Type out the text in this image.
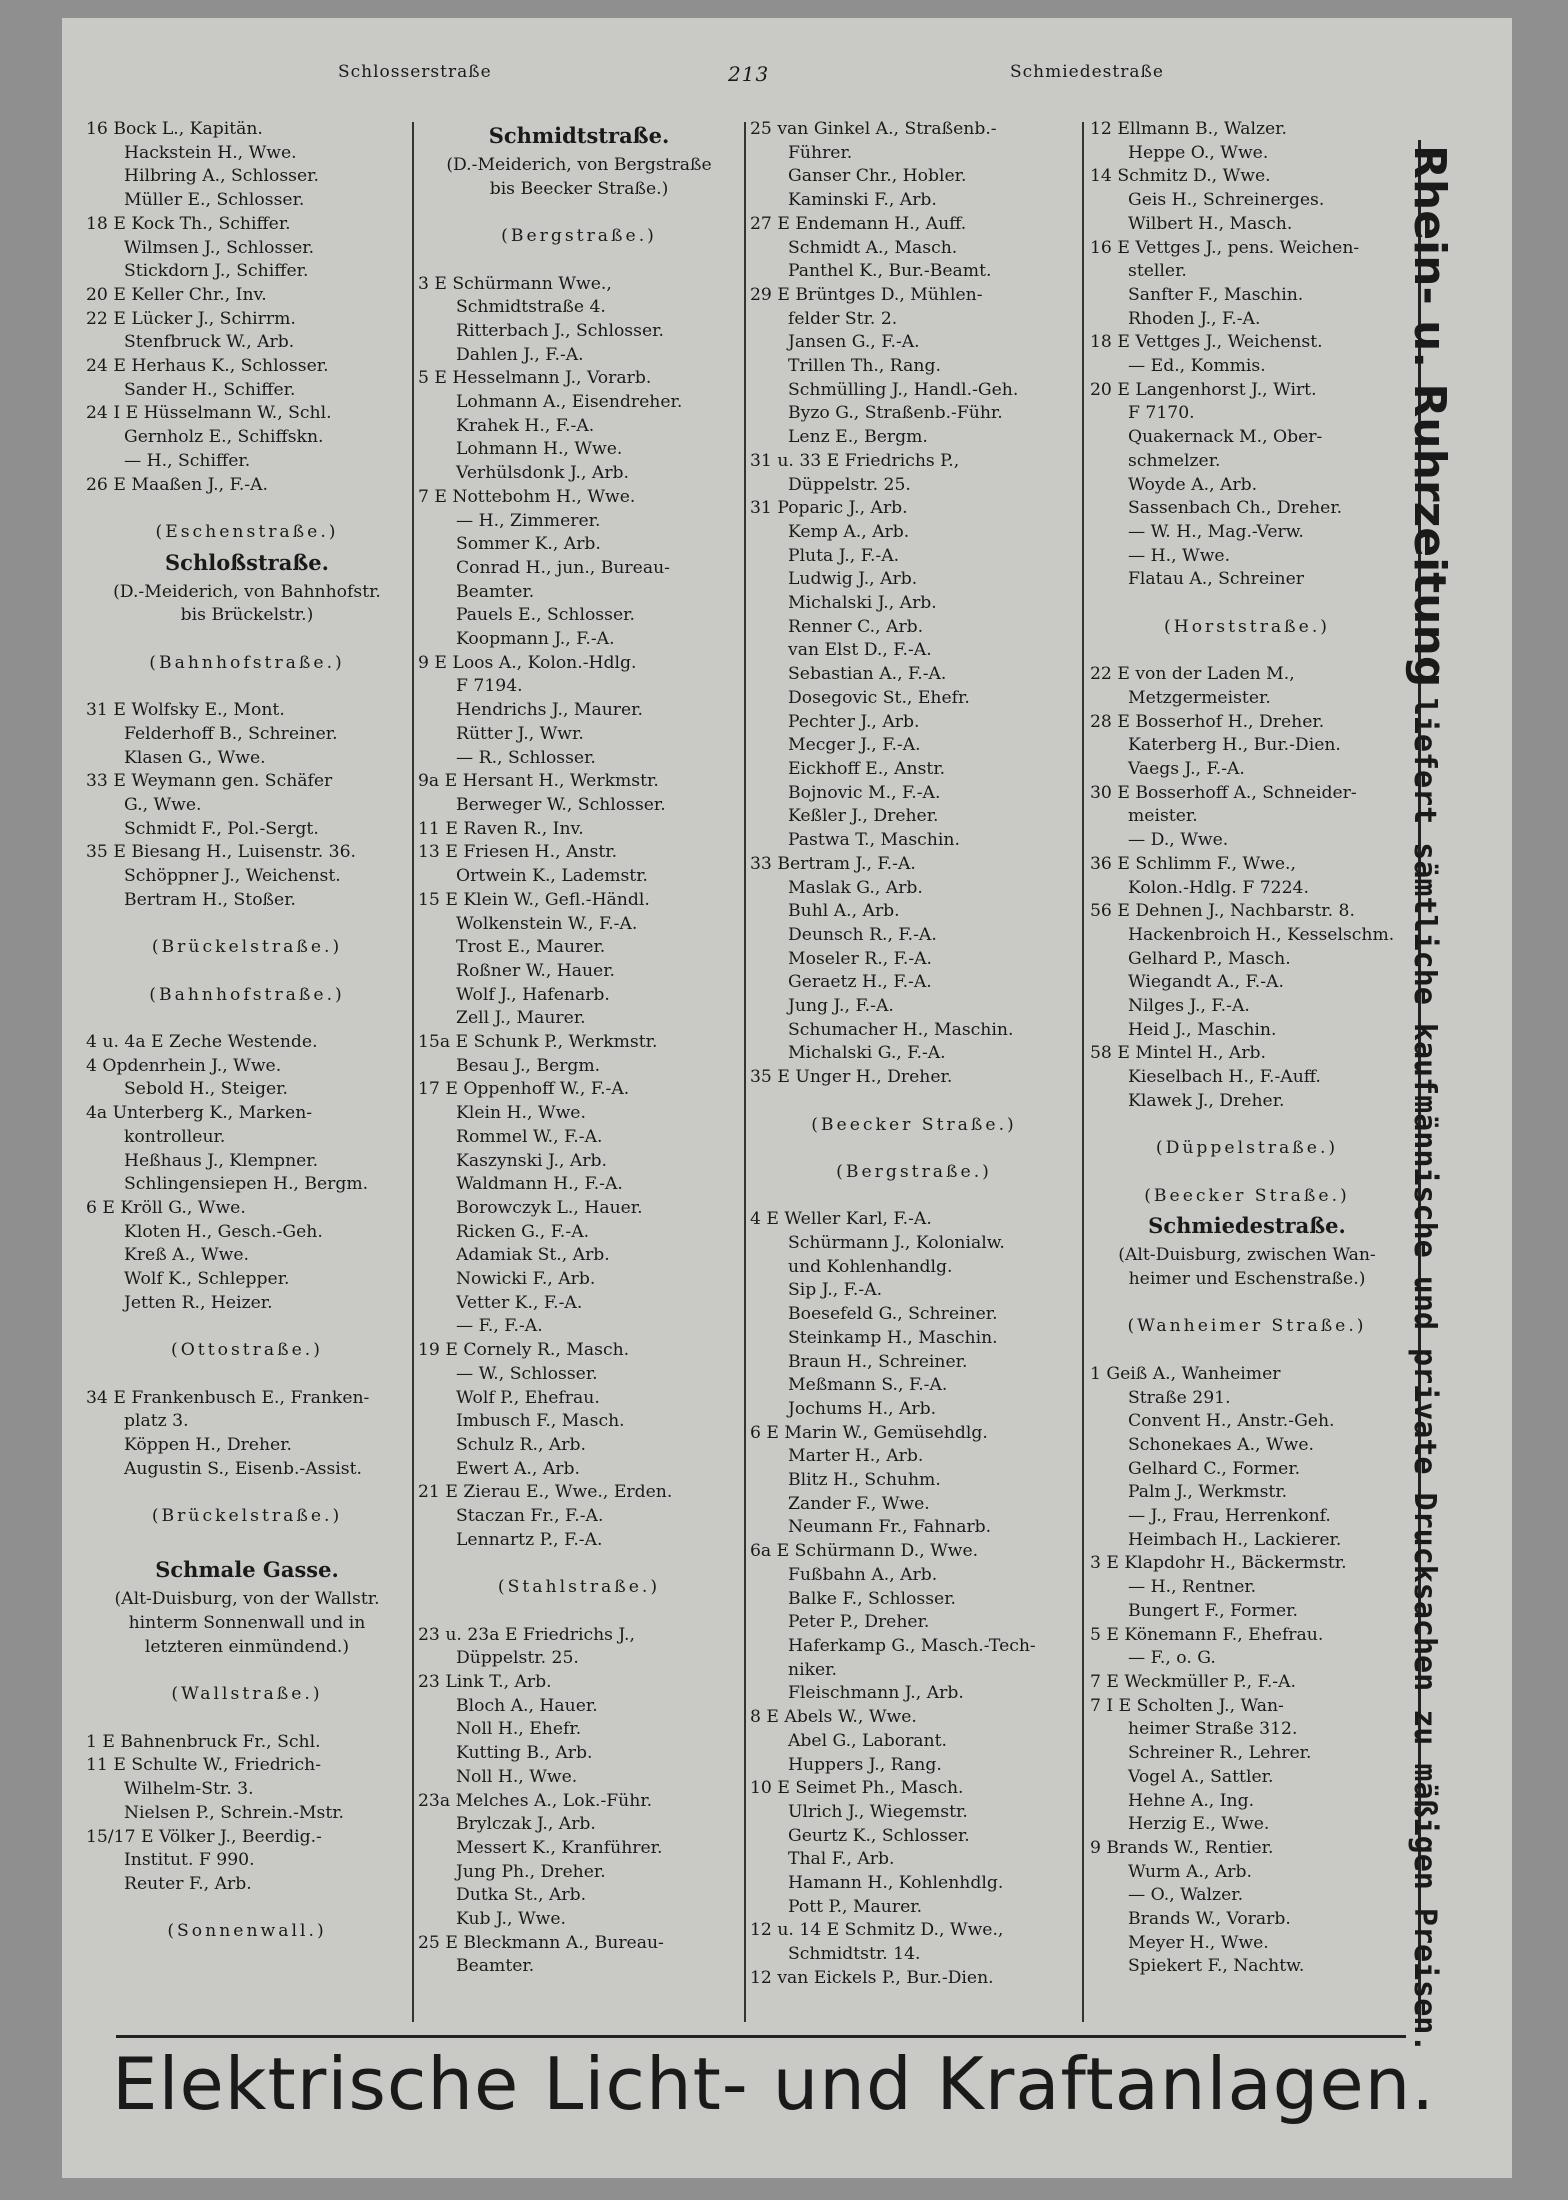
Schlosserstraße	213	Schmiedestraße
16 Bock L., Kapitän.
Hackstein H., Wwe.
Hilbring A., Schlosser.
Müller E., Schlosser.
18 E Kock Th., Schiffer.
Wilmsen J., Schlosser.
Stickdorn J., Schiffer.
20 E Keller Chr., Inv.
22 E Lücker J., Schirrm.
Stenfbruck W., Arb.
24 E Herhaus K., Schlosser.
Sander H., Schiffer.
24 I E Hüsselmann W., Schl.
Gernholz E., Schiffskn.
— H., Schiffer.
26 E Maaßen J., F.-A.

(Eschenstraße.)
Schloßstraße.
(D.-Meiderich, von Bahnhofstr.
bis Brückelstr.)

(Bahnhofstraße.)

31 E Wolfsky E., Mont.
Felderhoff B., Schreiner.
Klasen G., Wwe.
33 E Weymann gen. Schäfer
G., Wwe.
Schmidt F., Pol.-Sergt.
35 E Biesang H., Luisenstr. 36.
Schöppner J., Weichenst.
Bertram H., Stoßer.

(Brückelstraße.)

(Bahnhofstraße.)

4 u. 4a E Zeche Westende.
4 Opdenrhein J., Wwe.
Sebold H., Steiger.
4a Unterberg K., Marken-
kontrolleur.
Heßhaus J., Klempner.
Schlingensiepen H., Bergm.
6 E Kröll G., Wwe.
Kloten H., Gesch.-Geh.
Kreß A., Wwe.
Wolf K., Schlepper.
Jetten R., Heizer.

(Ottostraße.)

34 E Frankenbusch E., Franken-
platz 3.
Köppen H., Dreher.
Augustin S., Eisenb.-Assist.

(Brückelstraße.)

Schmale Gasse.
(Alt-Duisburg, von der Wallstr.
hinterm Sonnenwall und in
letzteren einmündend.)

(Wallstraße.)

1 E Bahnenbruck Fr., Schl.
11 E Schulte W., Friedrich-
Wilhelm-Str. 3.
Nielsen P., Schrein.-Mstr.
15/17 E Völker J., Beerdig.-
Institut. F 990.
Reuter F., Arb.

(Sonnenwall.)
Schmidtstraße.
(D.-Meiderich, von Bergstraße
bis Beecker Straße.)

(Bergstraße.)

3 E Schürmann Wwe.,
Schmidtstraße 4.
Ritterbach J., Schlosser.
Dahlen J., F.-A.
5 E Hesselmann J., Vorarb.
Lohmann A., Eisendreher.
Krahek H., F.-A.
Lohmann H., Wwe.
Verhülsdonk J., Arb.
7 E Nottebohm H., Wwe.
— H., Zimmerer.
Sommer K., Arb.
Conrad H., jun., Bureau-
Beamter.
Pauels E., Schlosser.
Koopmann J., F.-A.
9 E Loos A., Kolon.-Hdlg.
F 7194.
Hendrichs J., Maurer.
Rütter J., Wwr.
— R., Schlosser.
9a E Hersant H., Werkmstr.
Berweger W., Schlosser.
11 E Raven R., Inv.
13 E Friesen H., Anstr.
Ortwein K., Lademstr.
15 E Klein W., Gefl.-Händl.
Wolkenstein W., F.-A.
Trost E., Maurer.
Roßner W., Hauer.
Wolf J., Hafenarb.
Zell J., Maurer.
15a E Schunk P., Werkmstr.
Besau J., Bergm.
17 E Oppenhoff W., F.-A.
Klein H., Wwe.
Rommel W., F.-A.
Kaszynski J., Arb.
Waldmann H., F.-A.
Borowczyk L., Hauer.
Ricken G., F.-A.
Adamiak St., Arb.
Nowicki F., Arb.
Vetter K., F.-A.
— F., F.-A.
19 E Cornely R., Masch.
— W., Schlosser.
Wolf P., Ehefrau.
Imbusch F., Masch.
Schulz R., Arb.
Ewert A., Arb.
21 E Zierau E., Wwe., Erden.
Staczan Fr., F.-A.
Lennartz P., F.-A.

(Stahlstraße.)

23 u. 23a E Friedrichs J.,
Düppelstr. 25.
23 Link T., Arb.
Bloch A., Hauer.
Noll H., Ehefr.
Kutting B., Arb.
Noll H., Wwe.
23a Melches A., Lok.-Führ.
Brylczak J., Arb.
Messert K., Kranführer.
Jung Ph., Dreher.
Dutka St., Arb.
Kub J., Wwe.
25 E Bleckmann A., Bureau-
Beamter.
25 van Ginkel A., Straßenb.-
Führer.
Ganser Chr., Hobler.
Kaminski F., Arb.
27 E Endemann H., Auff.
Schmidt A., Masch.
Panthel K., Bur.-Beamt.
29 E Brüntges D., Mühlen-
felder Str. 2.
Jansen G., F.-A.
Trillen Th., Rang.
Schmülling J., Handl.-Geh.
Byzo G., Straßenb.-Führ.
Lenz E., Bergm.
31 u. 33 E Friedrichs P.,
Düppelstr. 25.
31 Poparic J., Arb.
Kemp A., Arb.
Pluta J., F.-A.
Ludwig J., Arb.
Michalski J., Arb.
Renner C., Arb.
van Elst D., F.-A.
Sebastian A., F.-A.
Dosegovic St., Ehefr.
Pechter J., Arb.
Mecger J., F.-A.
Eickhoff E., Anstr.
Bojnovic M., F.-A.
Keßler J., Dreher.
Pastwa T., Maschin.
33 Bertram J., F.-A.
Maslak G., Arb.
Buhl A., Arb.
Deunsch R., F.-A.
Moseler R., F.-A.
Geraetz H., F.-A.
Jung J., F.-A.
Schumacher H., Maschin.
Michalski G., F.-A.
35 E Unger H., Dreher.

(Beecker Straße.)

(Bergstraße.)

4 E Weller Karl, F.-A.
Schürmann J., Kolonialw.
und Kohlenhandlg.
Sip J., F.-A.
Boesefeld G., Schreiner.
Steinkamp H., Maschin.
Braun H., Schreiner.
Meßmann S., F.-A.
Jochums H., Arb.
6 E Marin W., Gemüsehdlg.
Marter H., Arb.
Blitz H., Schuhm.
Zander F., Wwe.
Neumann Fr., Fahnarb.
6a E Schürmann D., Wwe.
Fußbahn A., Arb.
Balke F., Schlosser.
Peter P., Dreher.
Haferkamp G., Masch.-Tech-
niker.
Fleischmann J., Arb.
8 E Abels W., Wwe.
Abel G., Laborant.
Huppers J., Rang.
10 E Seimet Ph., Masch.
Ulrich J., Wiegemstr.
Geurtz K., Schlosser.
Thal F., Arb.
Hamann H., Kohlenhdlg.
Pott P., Maurer.
12 u. 14 E Schmitz D., Wwe.,
Schmidtstr. 14.
12 van Eickels P., Bur.-Dien.
12 Ellmann B., Walzer.
Heppe O., Wwe.
14 Schmitz D., Wwe.
Geis H., Schreinerges.
Wilbert H., Masch.
16 E Vettges J., pens. Weichen-
steller.
Sanfter F., Maschin.
Rhoden J., F.-A.
18 E Vettges J., Weichenst.
— Ed., Kommis.
20 E Langenhorst J., Wirt.
F 7170.
Quakernack M., Ober-
schmelzer.
Woyde A., Arb.
Sassenbach Ch., Dreher.
— W. H., Mag.-Verw.
— H., Wwe.
Flatau A., Schreiner

(Horststraße.)

22 E von der Laden M.,
Metzgermeister.
28 E Bosserhof H., Dreher.
Katerberg H., Bur.-Dien.
Vaegs J., F.-A.
30 E Bosserhoff A., Schneider-
meister.
— D., Wwe.
36 E Schlimm F., Wwe.,
Kolon.-Hdlg. F 7224.
56 E Dehnen J., Nachbarstr. 8.
Hackenbroich H., Kesselschm.
Gelhard P., Masch.
Wiegandt A., F.-A.
Nilges J., F.-A.
Heid J., Maschin.
58 E Mintel H., Arb.
Kieselbach H., F.-Auff.
Klawek J., Dreher.

(Düppelstraße.)

(Beecker Straße.)
Schmiedestraße.
(Alt-Duisburg, zwischen Wan-
heimer und Eschenstraße.)

(Wanheimer Straße.)

1 Geiß A., Wanheimer
Straße 291.
Convent H., Anstr.-Geh.
Schonekaes A., Wwe.
Gelhard C., Former.
Palm J., Werkmstr.
— J., Frau, Herrenkonf.
Heimbach H., Lackierer.
3 E Klapdohr H., Bäckermstr.
— H., Rentner.
Bungert F., Former.
5 E Könemann F., Ehefrau.
— F., o. G.
7 E Weckmüller P., F.-A.
7 I E Scholten J., Wan-
heimer Straße 312.
Schreiner R., Lehrer.
Vogel A., Sattler.
Hehne A., Ing.
Herzig E., Wwe.
9 Brands W., Rentier.
Wurm A., Arb.
— O., Walzer.
Brands W., Vorarb.
Meyer H., Wwe.
Spiekert F., Nachtw.
Rhein- u. Ruhrzeitung liefert sämtliche kaufmännische und private Drucksachen zu mäßigen Preisen.
Elektrische Licht- und Kraftanlagen.
